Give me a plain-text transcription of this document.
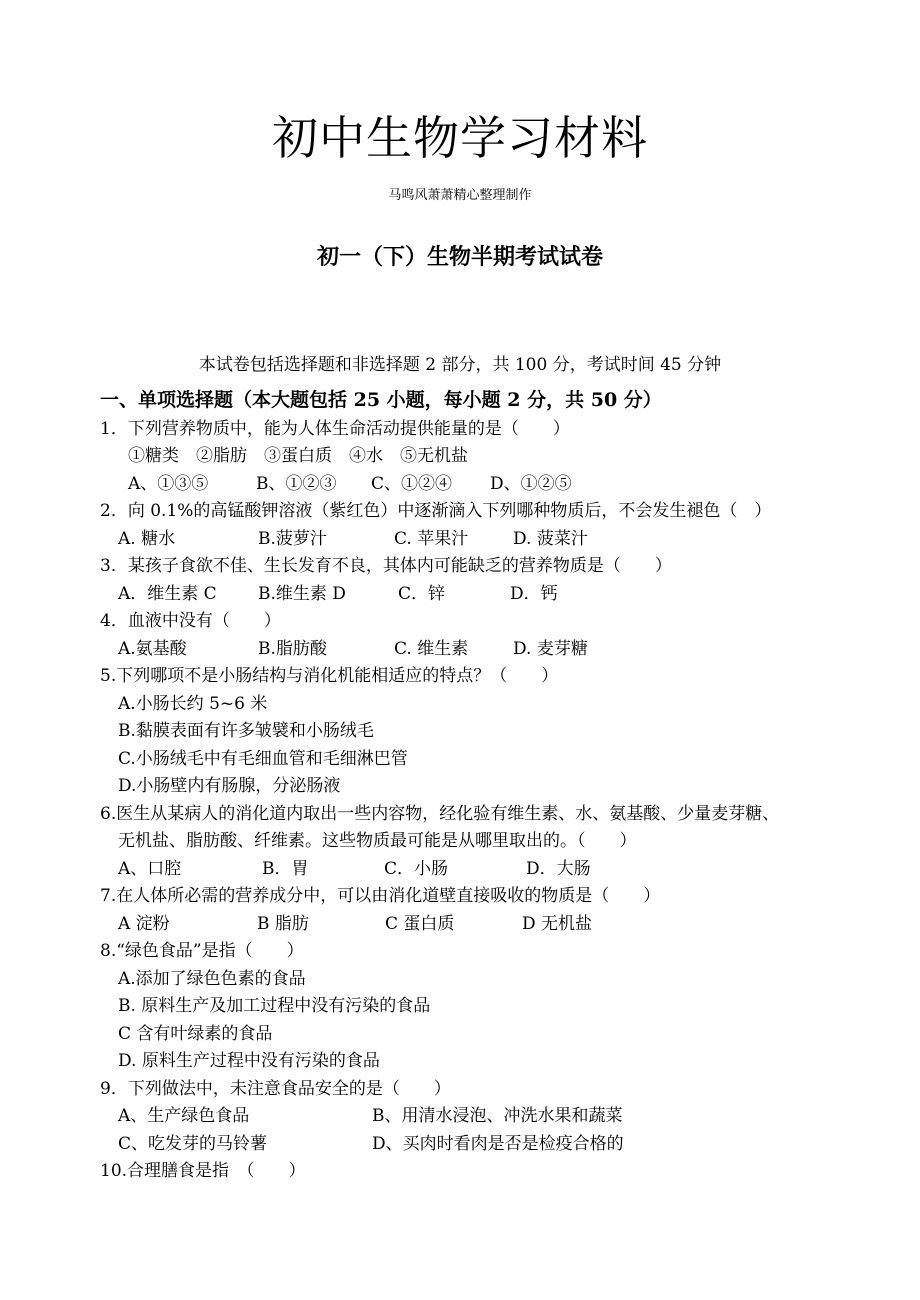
初中生物学习材料
马鸣风萧萧精心整理制作
初一（下）生物半期考试试卷
本试卷包括选择题和非选择题 2 部分，共 100 分，考试时间 45 分钟
一、单项选择题（本大题包括 25 小题，每小题 2 分，共 50 分）
1．下列营养物质中，能为人体生命活动提供能量的是（　　）
①糖类　②脂肪　③蛋白质　④水　⑤无机盐
A、①③⑤	B、①②③ C、①②④ D、①②⑤
2．向 0.1%的高锰酸钾溶液（紫红色）中逐渐滴入下列哪种物质后，不会发生褪色（　）
A. 糖水	B.菠萝汁	C. 苹果汁	D. 菠菜汁
3．某孩子食欲不佳、生长发育不良，其体内可能缺乏的营养物质是（　　）
A．维生素 C B.维生素 D	C．锌	D．钙
4．血液中没有（　　）
A.氨基酸	B.脂肪酸	C. 维生素	D. 麦芽糖
5.下列哪项不是小肠结构与消化机能相适应的特点？（　　）
A.小肠长约 5~6 米
B.黏膜表面有许多皱襞和小肠绒毛
C.小肠绒毛中有毛细血管和毛细淋巴管
D.小肠壁内有肠腺，分泌肠液
6.医生从某病人的消化道内取出一些内容物，经化验有维生素、水、氨基酸、少量麦芽糖、
无机盐、脂肪酸、纤维素。这些物质最可能是从哪里取出的。（　　）
A、口腔	B．胃	C．小肠	D．大肠
7.在人体所必需的营养成分中，可以由消化道壁直接吸收的物质是（　　）
A 淀粉	B 脂肪	C 蛋白质	D 无机盐
8.“绿色食品”是指（　　）
A.添加了绿色色素的食品
B. 原料生产及加工过程中没有污染的食品
C 含有叶绿素的食品
D. 原料生产过程中没有污染的食品
9．下列做法中，未注意食品安全的是（　　）
A、生产绿色食品	B、用清水浸泡、冲洗水果和蔬菜
C、吃发芽的马铃薯	D、买肉时看肉是否是检疫合格的
10.合理膳食是指　（　　）
